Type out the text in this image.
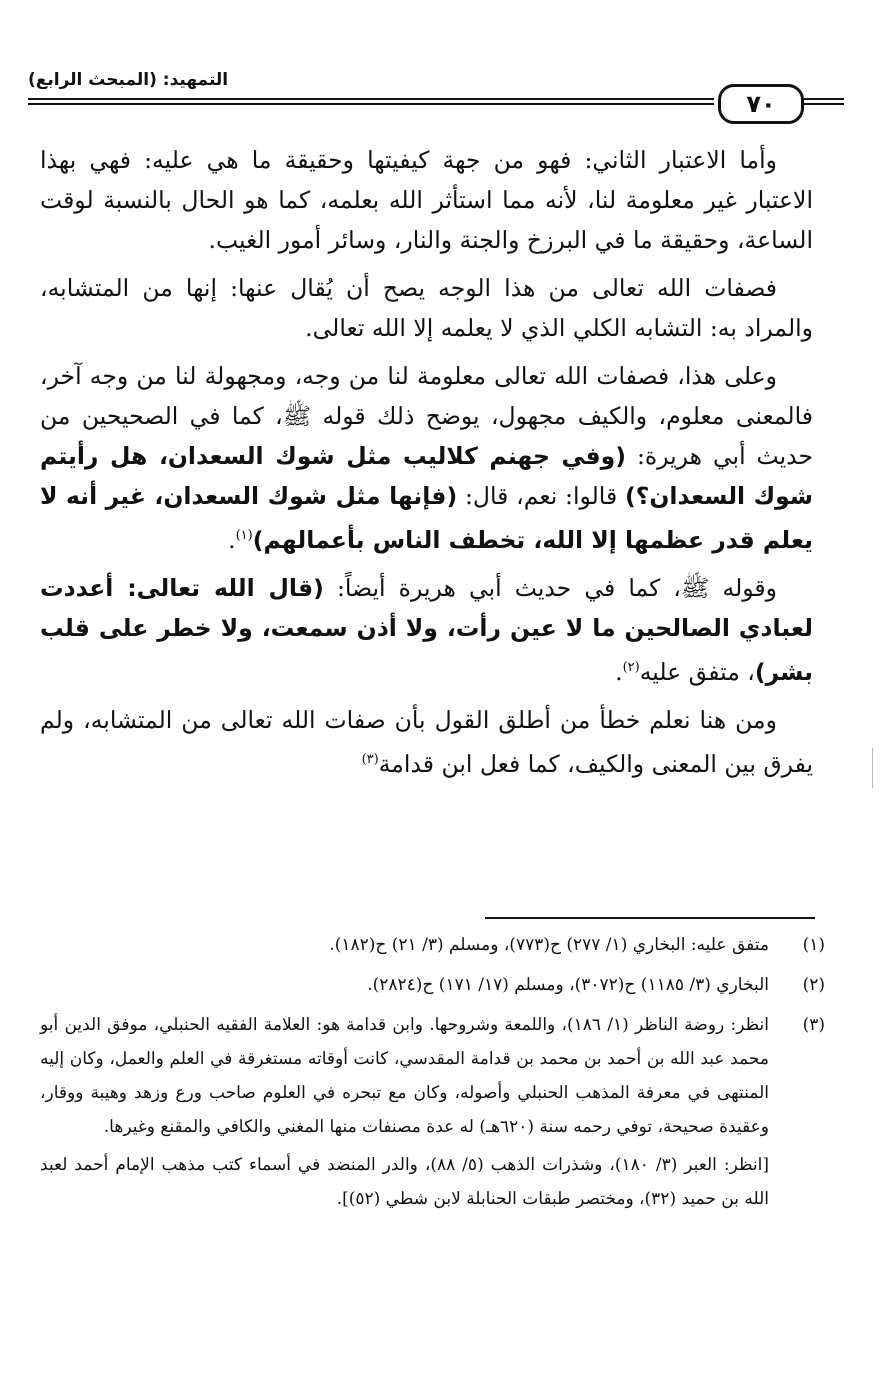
التمهيد: (المبحث الرابع)
٧٠

وأما الاعتبار الثاني: فهو من جهة كيفيتها وحقيقة ما هي عليه: فهي بهذا الاعتبار غير معلومة لنا، لأنه مما استأثر الله بعلمه، كما هو الحال بالنسبة لوقت الساعة، وحقيقة ما في البرزخ والجنة والنار، وسائر أمور الغيب.

فصفات الله تعالى من هذا الوجه يصح أن يُقال عنها: إنها من المتشابه، والمراد به: التشابه الكلي الذي لا يعلمه إلا الله تعالى.

وعلى هذا، فصفات الله تعالى معلومة لنا من وجه، ومجهولة لنا من وجه آخر، فالمعنى معلوم، والكيف مجهول، يوضح ذلك قوله ﷺ، كما في الصحيحين من حديث أبي هريرة: (وفي جهنم كلاليب مثل شوك السعدان، هل رأيتم شوك السعدان؟) قالوا: نعم، قال: (فإنها مثل شوك السعدان، غير أنه لا يعلم قدر عظمها إلا الله، تخطف الناس بأعمالهم)$^{(١)}$.

وقوله ﷺ، كما في حديث أبي هريرة أيضاً: (قال الله تعالى: أعددت لعبادي الصالحين ما لا عين رأت، ولا أذن سمعت، ولا خطر على قلب بشر)، متفق عليه$^{(٢)}$.

ومن هنا نعلم خطأ من أطلق القول بأن صفات الله تعالى من المتشابه، ولم يفرق بين المعنى والكيف، كما فعل ابن قدامة$^{(٣)}$

(١)

متفق عليه: البخاري (١/ ٢٧٧) ح(٧٧٣)، ومسلم (٣/ ٢١) ح(١٨٢).

(٢)

البخاري (٣/ ١١٨٥) ح(٣٠٧٢)، ومسلم (١٧/ ١٧١) ح(٢٨٢٤).

(٣)

انظر: روضة الناظر (١/ ١٨٦)، واللمعة وشروحها. وابن قدامة هو: العلامة الفقيه الحنبلي، موفق الدين أبو محمد عبد الله بن أحمد بن محمد بن قدامة المقدسي، كانت أوقاته مستغرقة في العلم والعمل، وكان إليه المنتهى في معرفة المذهب الحنبلي وأصوله، وكان مع تبحره في العلوم صاحب ورع وزهد وهيبة ووقار، وعقيدة صحيحة، توفي رحمه سنة (٦٢٠هـ) له عدة مصنفات منها المغني والكافي والمقنع وغيرها.

[انظر: العبر (٣/ ١٨٠)، وشذرات الذهب (٥/ ٨٨)، والدر المنضد في أسماء كتب مذهب الإمام أحمد لعبد الله بن حميد (٣٢)، ومختصر طبقات الحنابلة لابن شطي (٥٢)].
